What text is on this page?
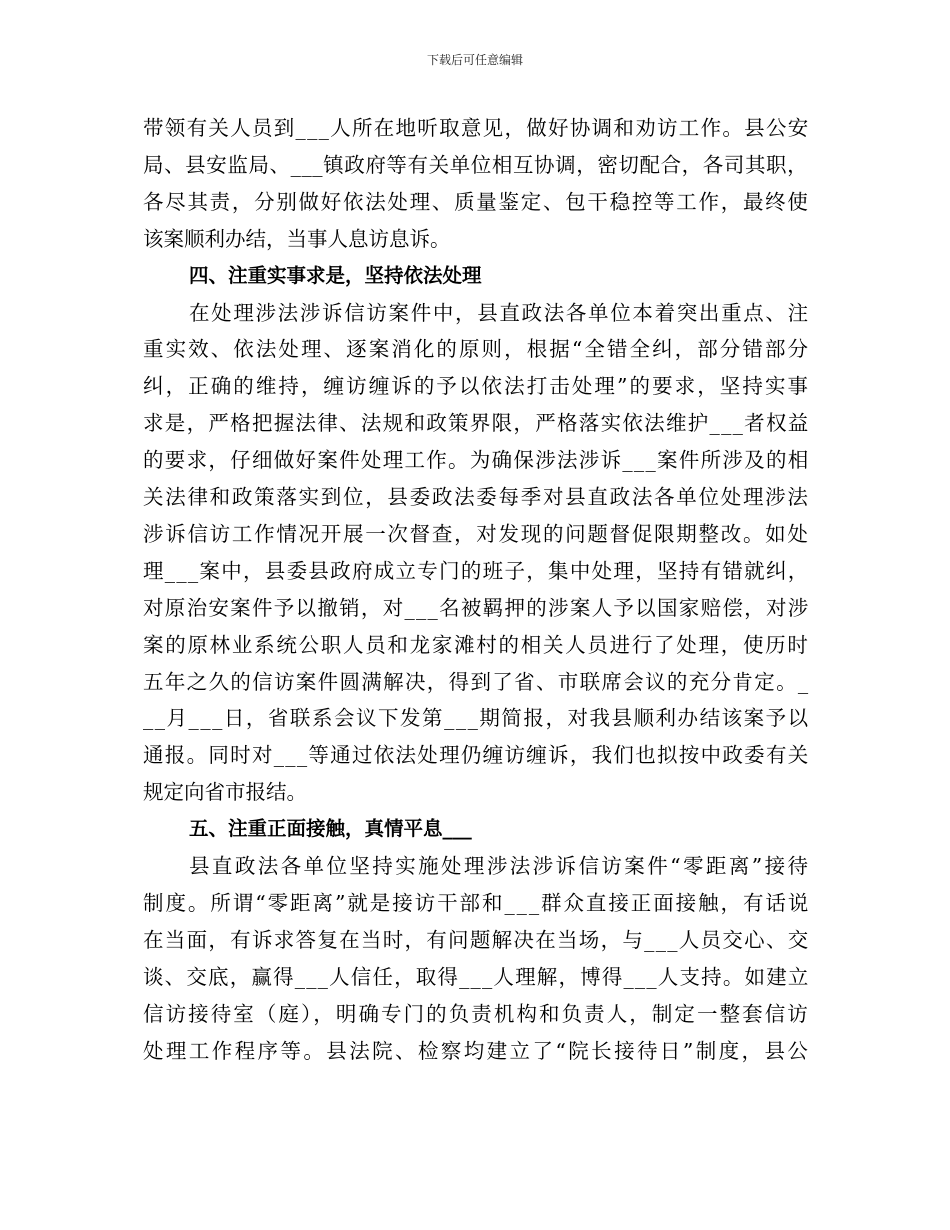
下载后可任意编辑
带领有关人员到___人所在地听取意见，做好协调和劝访工作。县公安
局、县安监局、___镇政府等有关单位相互协调，密切配合，各司其职，
各尽其责，分别做好依法处理、质量鉴定、包干稳控等工作，最终使
该案顺利办结，当事人息访息诉。
四、注重实事求是，坚持依法处理
在处理涉法涉诉信访案件中，县直政法各单位本着突出重点、注
重实效、依法处理、逐案消化的原则，根据“全错全纠，部分错部分
纠，正确的维持，缠访缠诉的予以依法打击处理”的要求，坚持实事
求是，严格把握法律、法规和政策界限，严格落实依法维护___者权益
的要求，仔细做好案件处理工作。为确保涉法涉诉___案件所涉及的相
关法律和政策落实到位，县委政法委每季对县直政法各单位处理涉法
涉诉信访工作情况开展一次督查，对发现的问题督促限期整改。如处
理___案中，县委县政府成立专门的班子，集中处理，坚持有错就纠，
对原治安案件予以撤销，对___名被羁押的涉案人予以国家赔偿，对涉
案的原林业系统公职人员和龙家滩村的相关人员进行了处理，使历时
五年之久的信访案件圆满解决，得到了省、市联席会议的充分肯定。_
__月___日，省联系会议下发第___期简报，对我县顺利办结该案予以
通报。同时对___等通过依法处理仍缠访缠诉，我们也拟按中政委有关
规定向省市报结。
五、注重正面接触，真情平息___
县直政法各单位坚持实施处理涉法涉诉信访案件“零距离”接待
制度。所谓“零距离”就是接访干部和___群众直接正面接触，有话说
在当面，有诉求答复在当时，有问题解决在当场，与___人员交心、交
谈、交底，赢得___人信任，取得___人理解，博得___人支持。如建立
信访接待室（庭），明确专门的负责机构和负责人，制定一整套信访
处理工作程序等。县法院、检察均建立了“院长接待日”制度，县公
